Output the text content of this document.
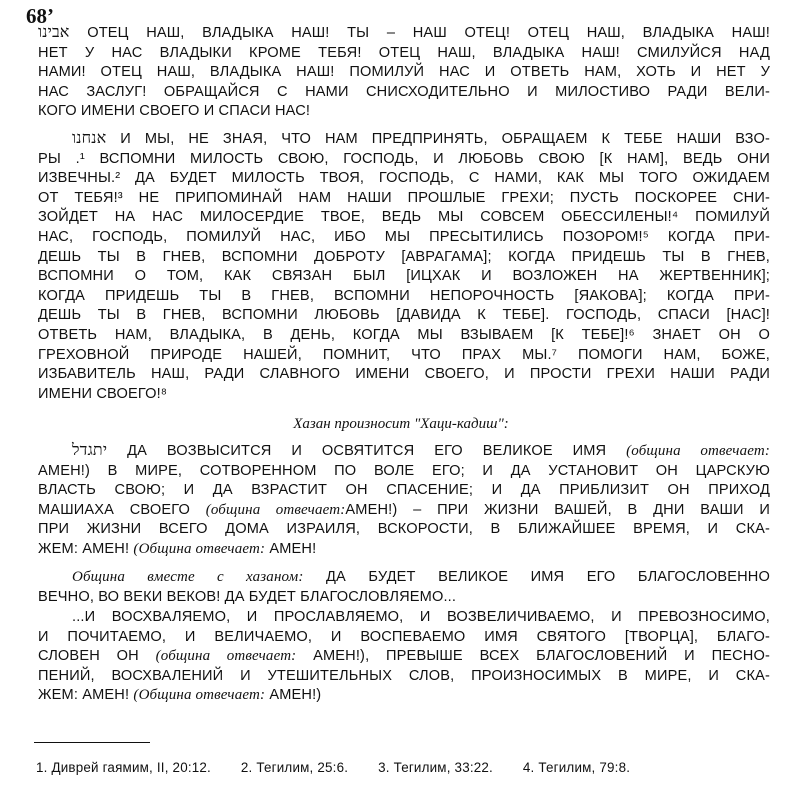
68’
אבינו ОТЕЦ НАШ, ВЛАДЫКА НАШ! ТЫ – НАШ ОТЕЦ! ОТЕЦ НАШ, ВЛАДЫКА НАШ!
НЕТ У НАС ВЛАДЫКИ КРОМЕ ТЕБЯ! ОТЕЦ НАШ, ВЛАДЫКА НАШ! СМИЛУЙСЯ НАД
НАМИ! ОТЕЦ НАШ, ВЛАДЫКА НАШ! ПОМИЛУЙ НАС И ОТВЕТЬ НАМ, ХОТЬ И НЕТ У
НАС ЗАСЛУГ! ОБРАЩАЙСЯ С НАМИ СНИСХОДИТЕЛЬНО И МИЛОСТИВО РАДИ ВЕЛИ-
КОГО ИМЕНИ СВОЕГО И СПАСИ НАС!
אנחנו И МЫ, НЕ ЗНАЯ, ЧТО НАМ ПРЕДПРИНЯТЬ, ОБРАЩАЕМ К ТЕБЕ НАШИ ВЗО-
РЫ .¹ ВСПОМНИ МИЛОСТЬ СВОЮ, ГОСПОДЬ, И ЛЮБОВЬ СВОЮ [К НАМ], ВЕДЬ ОНИ
ИЗВЕЧНЫ.² ДА БУДЕТ МИЛОСТЬ ТВОЯ, ГОСПОДЬ, С НАМИ, КАК МЫ ТОГО ОЖИДАЕМ
ОТ ТЕБЯ!³ НЕ ПРИПОМИНАЙ НАМ НАШИ ПРОШЛЫЕ ГРЕХИ; ПУСТЬ ПОСКОРЕЕ СНИ-
ЗОЙДЕТ НА НАС МИЛОСЕРДИЕ ТВОЕ, ВЕДЬ МЫ СОВСЕМ ОБЕССИЛЕНЫ!⁴ ПОМИЛУЙ
НАС, ГОСПОДЬ, ПОМИЛУЙ НАС, ИБО МЫ ПРЕСЫТИЛИСЬ ПОЗОРОМ!⁵ КОГДА ПРИ-
ДЕШЬ ТЫ В ГНЕВ, ВСПОМНИ ДОБРОТУ [АВРАГАМА]; КОГДА ПРИДЕШЬ ТЫ В ГНЕВ,
ВСПОМНИ О ТОМ, КАК СВЯЗАН БЫЛ [ИЦХАК И ВОЗЛОЖЕН НА ЖЕРТВЕННИК];
КОГДА ПРИДЕШЬ ТЫ В ГНЕВ, ВСПОМНИ НЕПОРОЧНОСТЬ [ЯАКОВА]; КОГДА ПРИ-
ДЕШЬ ТЫ В ГНЕВ, ВСПОМНИ ЛЮБОВЬ [ДАВИДА К ТЕБЕ]. ГОСПОДЬ, СПАСИ [НАС]!
ОТВЕТЬ НАМ, ВЛАДЫКА, В ДЕНЬ, КОГДА МЫ ВЗЫВАЕМ [К ТЕБЕ]!⁶ ЗНАЕТ ОН О
ГРЕХОВНОЙ ПРИРОДЕ НАШЕЙ, ПОМНИТ, ЧТО ПРАХ МЫ.⁷ ПОМОГИ НАМ, БОЖЕ,
ИЗБАВИТЕЛЬ НАШ, РАДИ СЛАВНОГО ИМЕНИ СВОЕГО, И ПРОСТИ ГРЕХИ НАШИ РАДИ
ИМЕНИ СВОЕГО!⁸
Хазан произносит "Хаци-кадиш":
יתגדל ДА ВОЗВЫСИТСЯ И ОСВЯТИТСЯ ЕГО ВЕЛИКОЕ ИМЯ (община отвечает:
АМЕН!) В МИРЕ, СОТВОРЕННОМ ПО ВОЛЕ ЕГО; И ДА УСТАНОВИТ ОН ЦАРСКУЮ
ВЛАСТЬ СВОЮ; И ДА ВЗРАСТИТ ОН СПАСЕНИЕ; И ДА ПРИБЛИЗИТ ОН ПРИХОД
МАШИАХА СВОЕГО (община отвечает:АМЕН!) – ПРИ ЖИЗНИ ВАШЕЙ, В ДНИ ВАШИ И
ПРИ ЖИЗНИ ВСЕГО ДОМА ИЗРАИЛЯ, ВСКОРОСТИ, В БЛИЖАЙШЕЕ ВРЕМЯ, И СКА-
ЖЕМ: АМЕН! (Община отвечает: АМЕН!
Община вместе с хазаном: ДА БУДЕТ ВЕЛИКОЕ ИМЯ ЕГО БЛАГОСЛОВЕННО
ВЕЧНО, ВО ВЕКИ ВЕКОВ! ДА БУДЕТ БЛАГОСЛОВЛЯЕМО...
...И ВОСХВАЛЯЕМО, И ПРОСЛАВЛЯЕМО, И ВОЗВЕЛИЧИВАЕМО, И ПРЕВОЗНОСИМО,
И ПОЧИТАЕМО, И ВЕЛИЧАЕМО, И ВОСПЕВАЕМО ИМЯ СВЯТОГО [ТВОРЦА], БЛАГО-
СЛОВЕН ОН (община отвечает: АМЕН!), ПРЕВЫШЕ ВСЕХ БЛАГОСЛОВЕНИЙ И ПЕСНО-
ПЕНИЙ, ВОСХВАЛЕНИЙ И УТЕШИТЕЛЬНЫХ СЛОВ, ПРОИЗНОСИМЫХ В МИРЕ, И СКА-
ЖЕМ: АМЕН! (Община отвечает: АМЕН!)
1. Диврей гаямим, II, 20:12. 2. Тегилим, 25:6. 3. Тегилим, 33:22. 4. Тегилим, 79:8.
